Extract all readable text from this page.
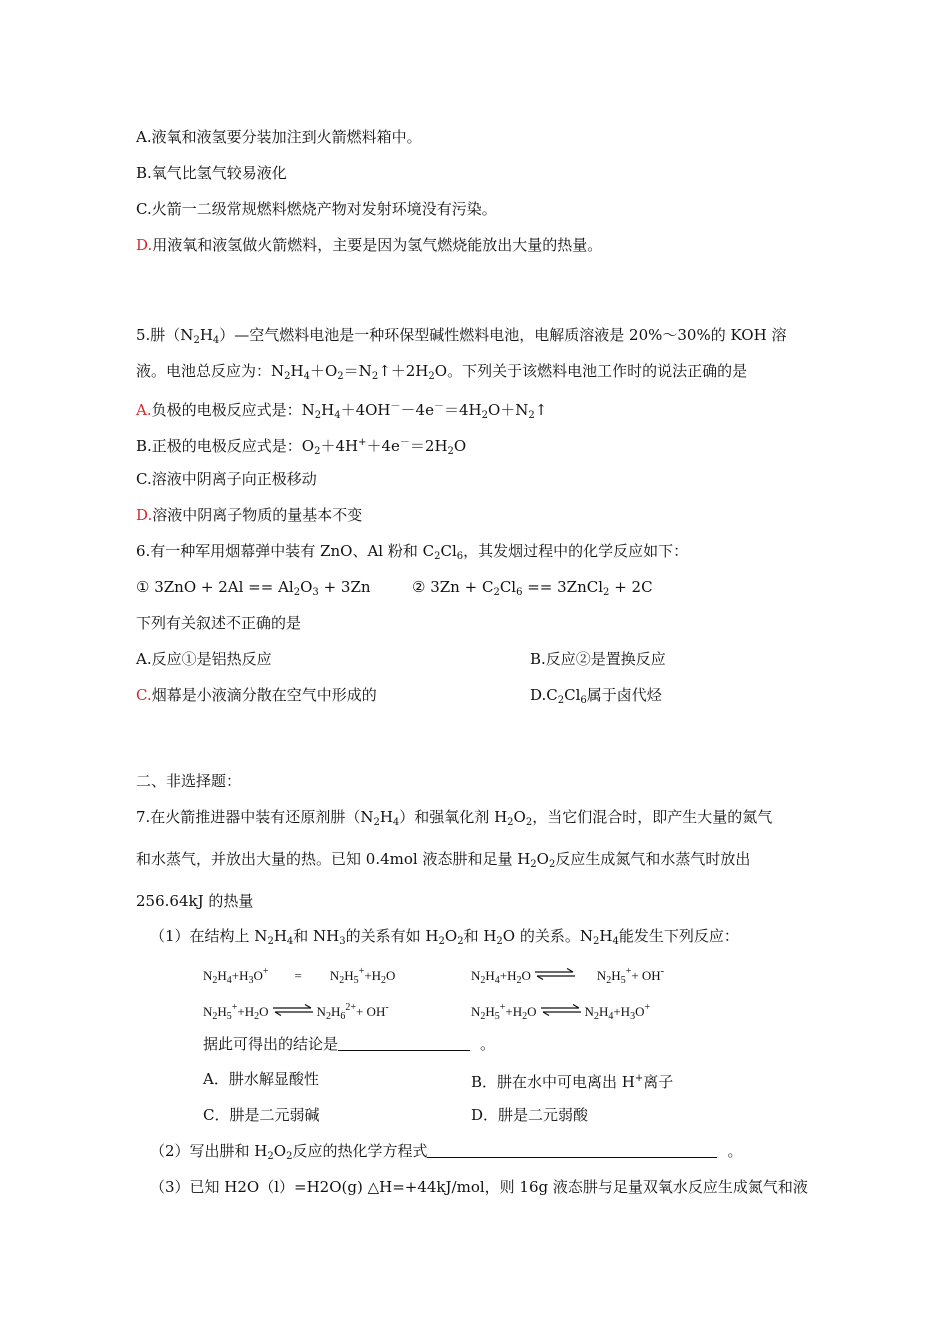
A.液氧和液氢要分装加注到火箭燃料箱中。
B.氧气比氢气较易液化
C.火箭一二级常规燃料燃烧产物对发射环境没有污染。
D.用液氧和液氢做火箭燃料，主要是因为氢气燃烧能放出大量的热量。
5.肼$(N_2H_4)—$空气燃料电池是一种环保型碱性燃料电池，电解质溶液是 20%～30%的 KOH 溶
液。电池总反应为：$N_2H_4+O_2=N_2↑+2H_2O$。下列关于该燃料电池工作时的说法正确的是
A.负极的电极反应式是：$N_2H_4+4OH^--4e^-=4H_2O+N_2↑$
B.正极的电极反应式是：$O_2+4H^++4e^-=2H_2O$
C.溶液中阴离子向正极移动
D.溶液中阴离子物质的量基本不变
6.有一种军用烟幕弹中装有 ZnO、Al 粉和 $C_2Cl_6$，其发烟过程中的化学反应如下：
① $3ZnO + 2Al == Al_2O_3 + 3Zn$	② $3Zn + C_2Cl_6$ == 3ZnCl$_2$ + 2C
下列有关叙述不正确的是
A.反应①是铝热反应	B.反应②是置换反应
C.烟幕是小液滴分散在空气中形成的	$D.C_2Cl_6$属于卤代烃
二、非选择题：
7.在火箭推进器中装有还原剂肼$(N_2H_4)$和强氧化剂 $H_2O_2$，当它们混合时，即产生大量的氮气
和水蒸气，并放出大量的热。已知 0.4mol 液态肼和足量 $H_2O_2$反应生成氮气和水蒸气时放出
256.64kJ 的热量
（1）在结构上 $N_2H_4$和 $NH_3$的关系有如 $H_2O_2$和 $H_2O$ 的关系。$N_2H_4$能发生下列反应：
$N_2H_4+H_3O^+ = N_2H_5^++H_2O$	$N_2H_4+H_2O$ ⇌ $N_2H_5^++ OH^-$
$N_2H_5^++H_2O$ ⇌ $N_2H_6^{2+}+ OH^-$	$N_2H_5^++H_2O$ ⇌ $N_2H_4+H_3O^+$
据此可得出的结论是	。
A．肼水解显酸性	B．肼在水中可电离出 H+离子
C．肼是二元弱碱	D．肼是二元弱酸
（2）写出肼和 $H_2O_2$反应的热化学方程式	。
（3）已知 H2O（l）=H2O(g) △H=+44kJ/mol，则 16g 液态肼与足量双氧水反应生成氮气和液
